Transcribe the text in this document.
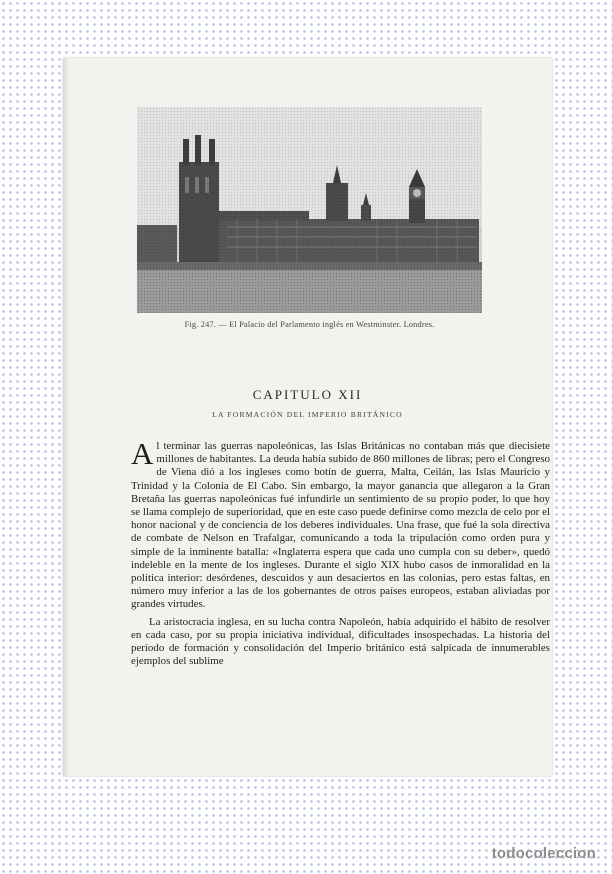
Fig. 247. — El Palacio del Parlamento inglés en Westminster. Londres.
CAPITULO XII
LA FORMACIÓN DEL IMPERIO BRITÁNICO

Al terminar las guerras napoleónicas, las Islas Británicas no contaban más que diecisiete millones de habitantes. La deuda había subido de 860 millones de libras; pero el Congreso de Viena dió a los ingleses como botín de guerra, Malta, Ceilán, las Islas Mauricio y Trinidad y la Colonia de El Cabo. Sin embargo, la mayor ganancia que allegaron a la Gran Bretaña las guerras napoleónicas fué infundirle un sentimiento de su propio poder, lo que hoy se llama complejo de superioridad, que en este caso puede definirse como mezcla de celo por el honor nacional y de conciencia de los deberes individuales. Una frase, que fué la sola directiva de combate de Nelson en Trafalgar, comunicando a toda la tripulación como orden pura y simple de la inminente batalla: «Inglaterra espera que cada uno cumpla con su deber», quedó indeleble en la mente de los ingleses. Durante el siglo XIX hubo casos de inmoralidad en la política interior: desórdenes, descuidos y aun desaciertos en las colonias, pero estas faltas, en número muy inferior a las de los gobernantes de otros países europeos, estaban aliviadas por grandes virtudes.

La aristocracia inglesa, en su lucha contra Napoleón, había adquirido el hábito de resolver en cada caso, por su propia iniciativa individual, dificultades insospechadas. La historia del período de formación y consolidación del Imperio británico está salpicada de innumerables ejemplos del sublime

todocoleccion
